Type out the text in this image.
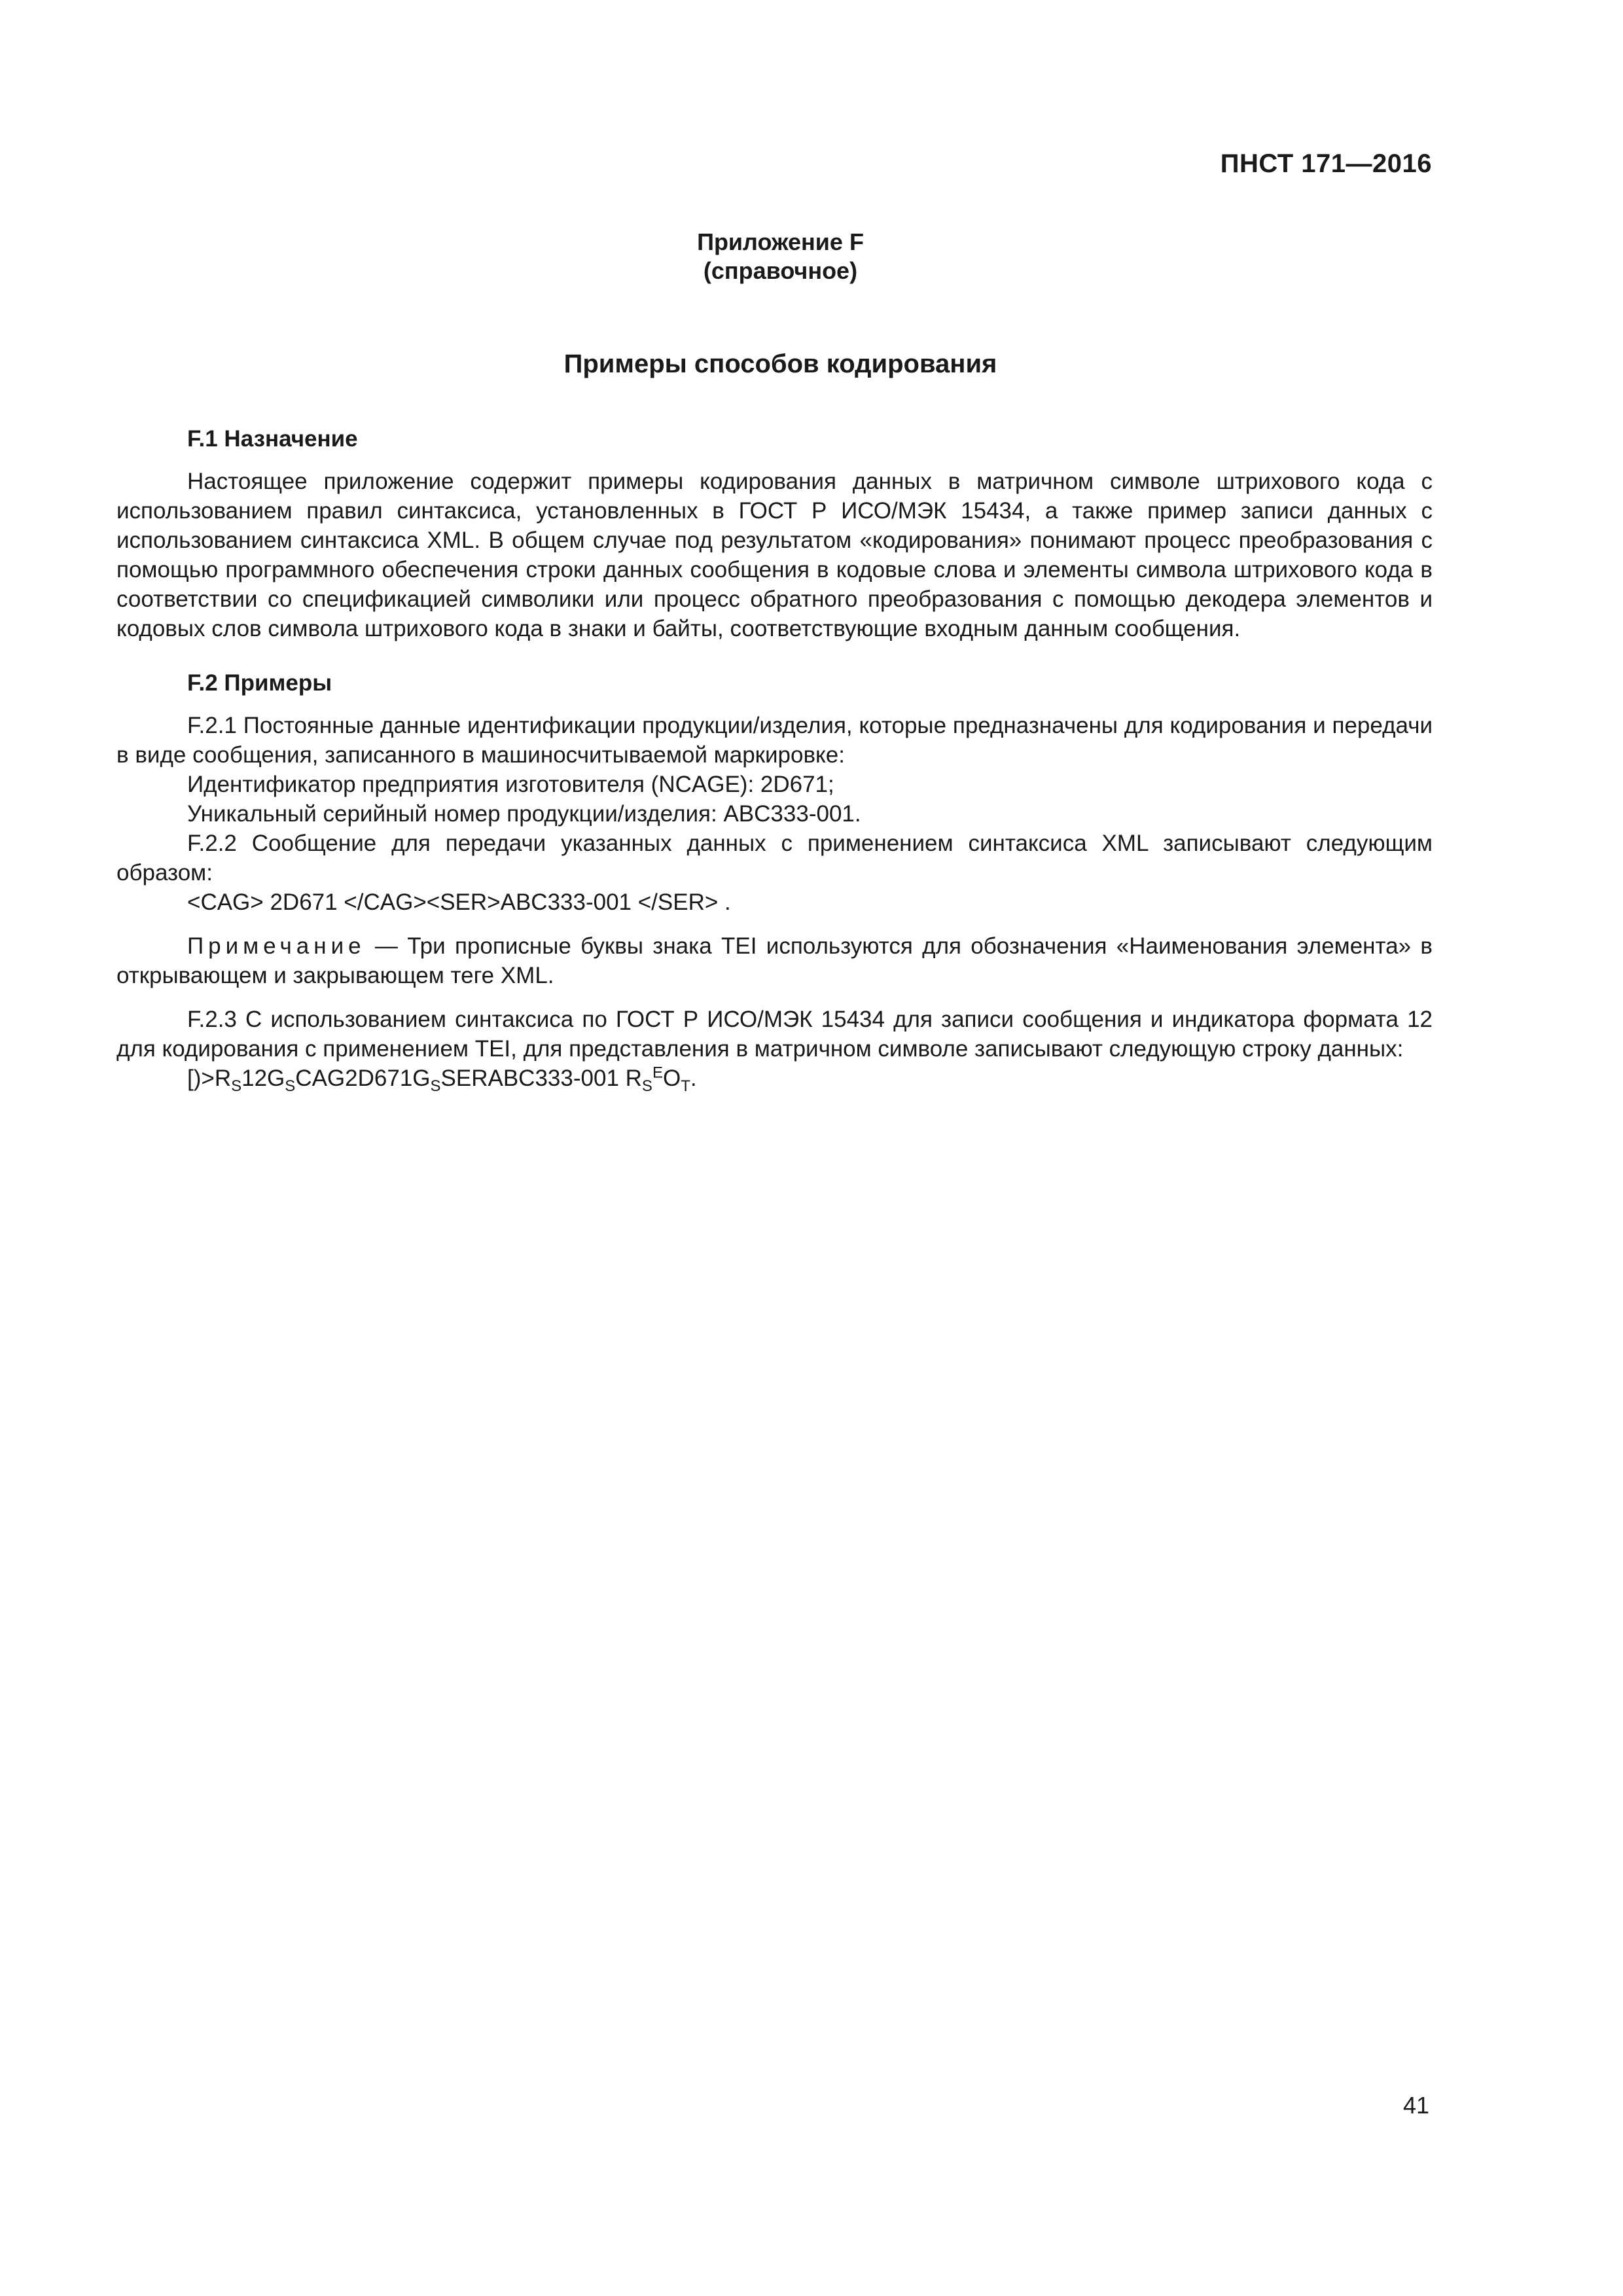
ПНСТ 171—2016
Приложение F
(справочное)
Примеры способов кодирования
F.1 Назначение

Настоящее приложение содержит примеры кодирования данных в матричном символе штрихового кода с использованием правил синтаксиса, установленных в ГОСТ Р ИСО/МЭК 15434, а также пример записи данных с использованием синтаксиса XML. В общем случае под результатом «кодирования» понимают процесс преобразования с помощью программного обеспечения строки данных сообщения в кодовые слова и элементы символа штрихового кода в соответствии со спецификацией символики или процесс обратного преобразования с помощью декодера элементов и кодовых слов символа штрихового кода в знаки и байты, соответствующие входным данным сообщения.

F.2 Примеры

F.2.1 Постоянные данные идентификации продукции/изделия, которые предназначены для кодирования и передачи в виде сообщения, записанного в машиносчитываемой маркировке:

Идентификатор предприятия изготовителя (NCAGE): 2D671;
Уникальный серийный номер продукции/изделия: ABC333-001.

F.2.2 Сообщение для передачи указанных данных с применением синтаксиса XML записывают следующим образом:

<CAG> 2D671 </CAG><SER>ABC333-001 </SER> .

Примечание — Три прописные буквы знака TEI используются для обозначения «Наименования элемента» в открывающем и закрывающем теге XML.

F.2.3 С использованием синтаксиса по ГОСТ Р ИСО/МЭК 15434 для записи сообщения и индикатора формата 12 для кодирования с применением TEI, для представления в матричном символе записывают следующую строку данных:

$[)>R_S12G_SCAG2D671G_SSERABC333-001$ $R_S^EO_T$.
41
